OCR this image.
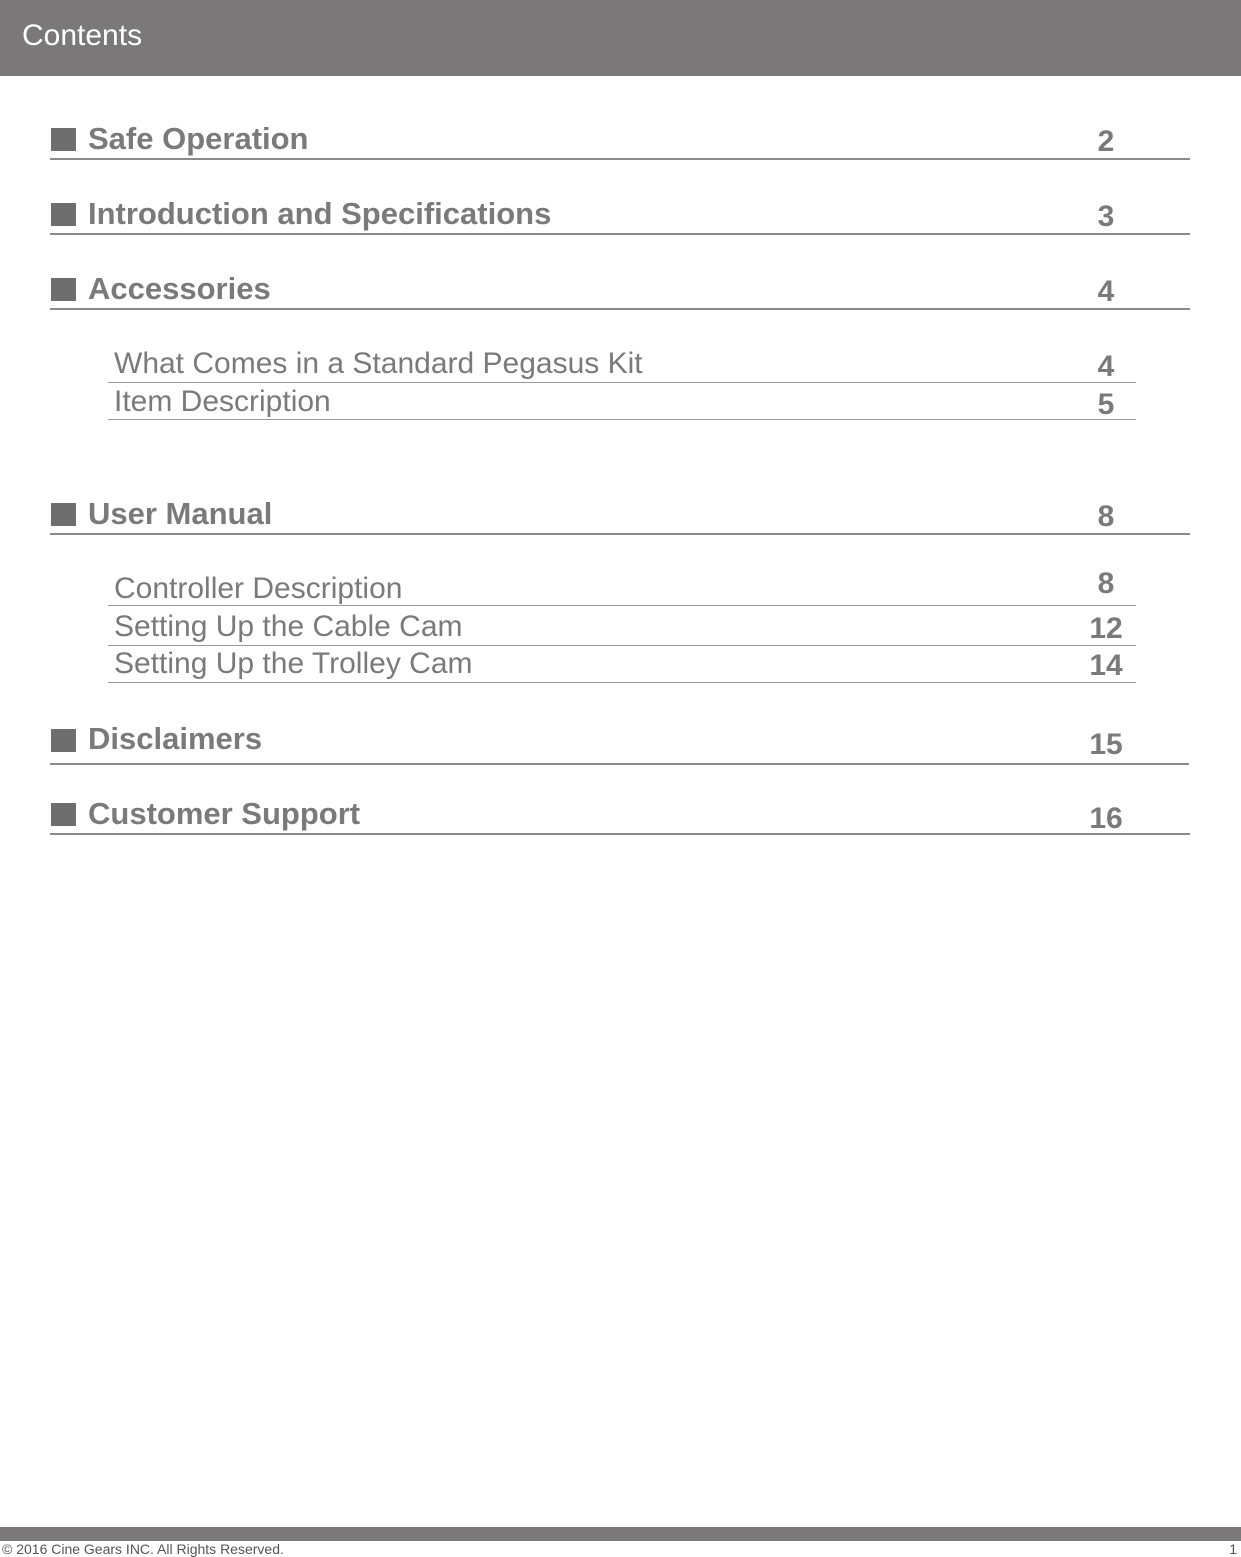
Contents
Safe Operation	2
Introduction and Specifications	3
Accessories	4
What Comes in a Standard Pegasus Kit	4
Item Description	5
User Manual	8
Controller Description	8
Setting Up the Cable Cam	12
Setting Up the Trolley Cam	14
Disclaimers	15
Customer Support	16
© 2016 Cine Gears INC. All Rights Reserved.	1
